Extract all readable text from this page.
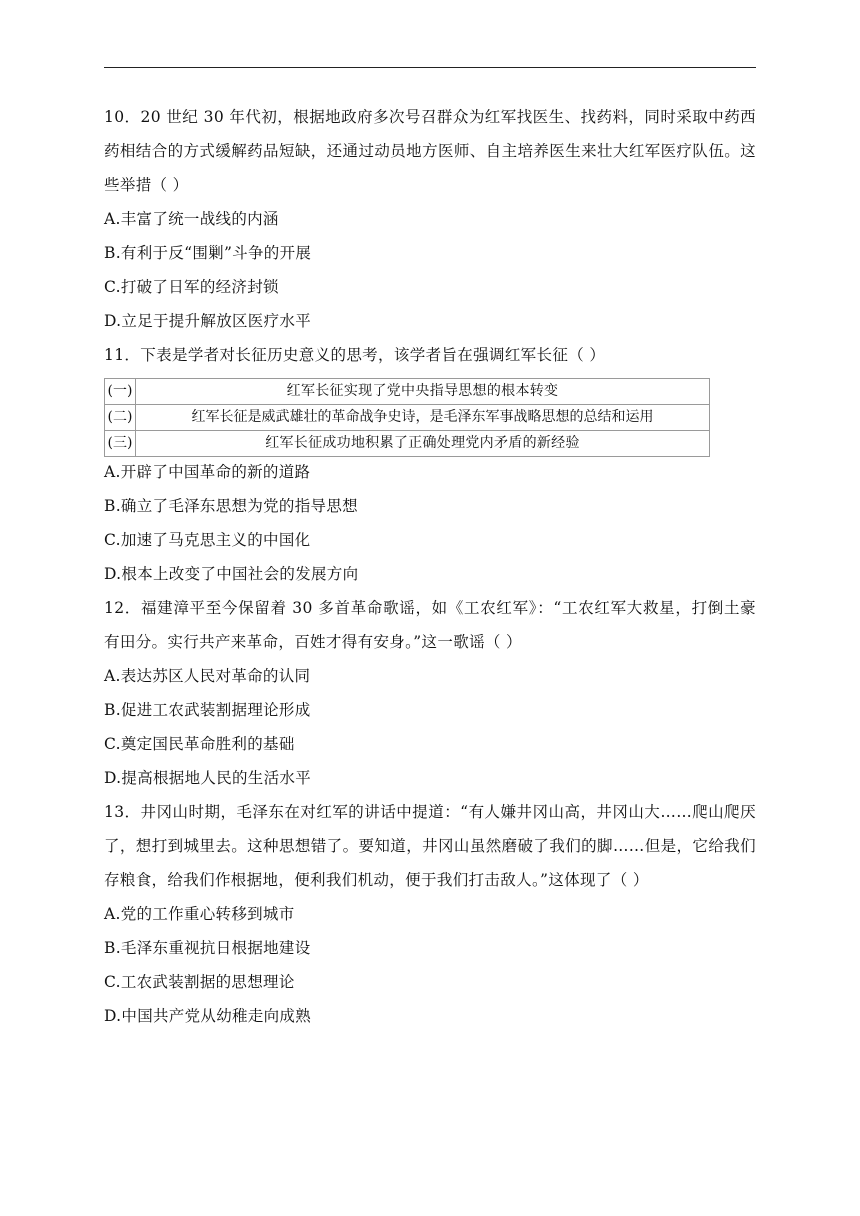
10．20 世纪 30 年代初，根据地政府多次号召群众为红军找医生、找药料，同时采取中药西药相结合的方式缓解药品短缺，还通过动员地方医师、自主培养医生来壮大红军医疗队伍。这些举措（ ）

A.丰富了统一战线的内涵
B.有利于反“围剿”斗争的开展
C.打破了日军的经济封锁
D.立足于提升解放区医疗水平

11．下表是学者对长征历史意义的思考，该学者旨在强调红军长征（ ）

(一)	红军长征实现了党中央指导思想的根本转变
(二)	红军长征是威武雄壮的革命战争史诗，是毛泽东军事战略思想的总结和运用
(三)	红军长征成功地积累了正确处理党内矛盾的新经验
A.开辟了中国革命的新的道路
B.确立了毛泽东思想为党的指导思想
C.加速了马克思主义的中国化
D.根本上改变了中国社会的发展方向

12．福建漳平至今保留着 30 多首革命歌谣，如《工农红军》：“工农红军大救星，打倒土豪有田分。实行共产来革命，百姓才得有安身。”这一歌谣（ ）

A.表达苏区人民对革命的认同
B.促进工农武装割据理论形成
C.奠定国民革命胜利的基础
D.提高根据地人民的生活水平

13．井冈山时期，毛泽东在对红军的讲话中提道：“有人嫌井冈山高，井冈山大……爬山爬厌了，想打到城里去。这种思想错了。要知道，井冈山虽然磨破了我们的脚……但是，它给我们存粮食，给我们作根据地，便利我们机动，便于我们打击敌人。”这体现了（ ）

A.党的工作重心转移到城市
B.毛泽东重视抗日根据地建设
C.工农武装割据的思想理论
D.中国共产党从幼稚走向成熟
